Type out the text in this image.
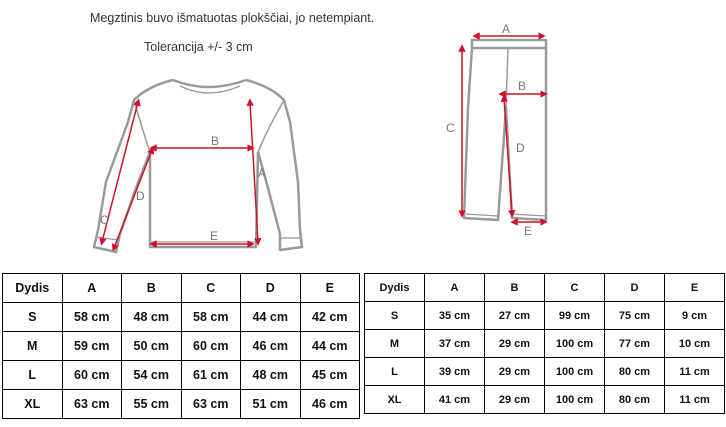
Megztinis buvo išmatuotas plokščiai, jo netempiant.
Tolerancija +/- 3 cm
B
E
C
D
A
A
B
C
D
E
Dydis	A	B	C	D	E
S	58 cm	48 cm	58 cm	44 cm	42 cm
M	59 cm	50 cm	60 cm	46 cm	44 cm
L	60 cm	54 cm	61 cm	48 cm	45 cm
XL	63 cm	55 cm	63 cm	51 cm	46 cm
Dydis	A	B	C	D	E
S	35 cm	27 cm	99 cm	75 cm	9 cm
M	37 cm	29 cm	100 cm	77 cm	10 cm
L	39 cm	29 cm	100 cm	80 cm	11 cm
XL	41 cm	29 cm	100 cm	80 cm	11 cm
